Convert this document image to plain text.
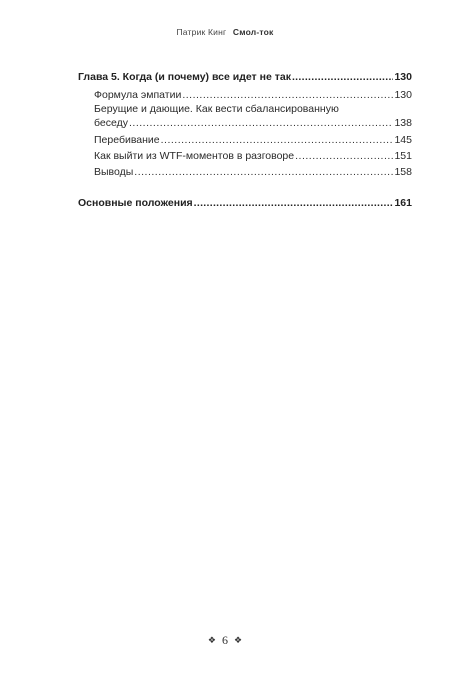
Патрик Кинг Смол-ток
Глава 5. Когда (и почему) все идет не так .....	130
Формула эмпатии .....	130
Берущие и дающие. Как вести сбалансированную
беседу .....	138
Перебивание .....	145
Как выйти из WTF-моментов в разговоре .....	151
Выводы .....	158
Основные положения .....	161
❖ 6 ❖
